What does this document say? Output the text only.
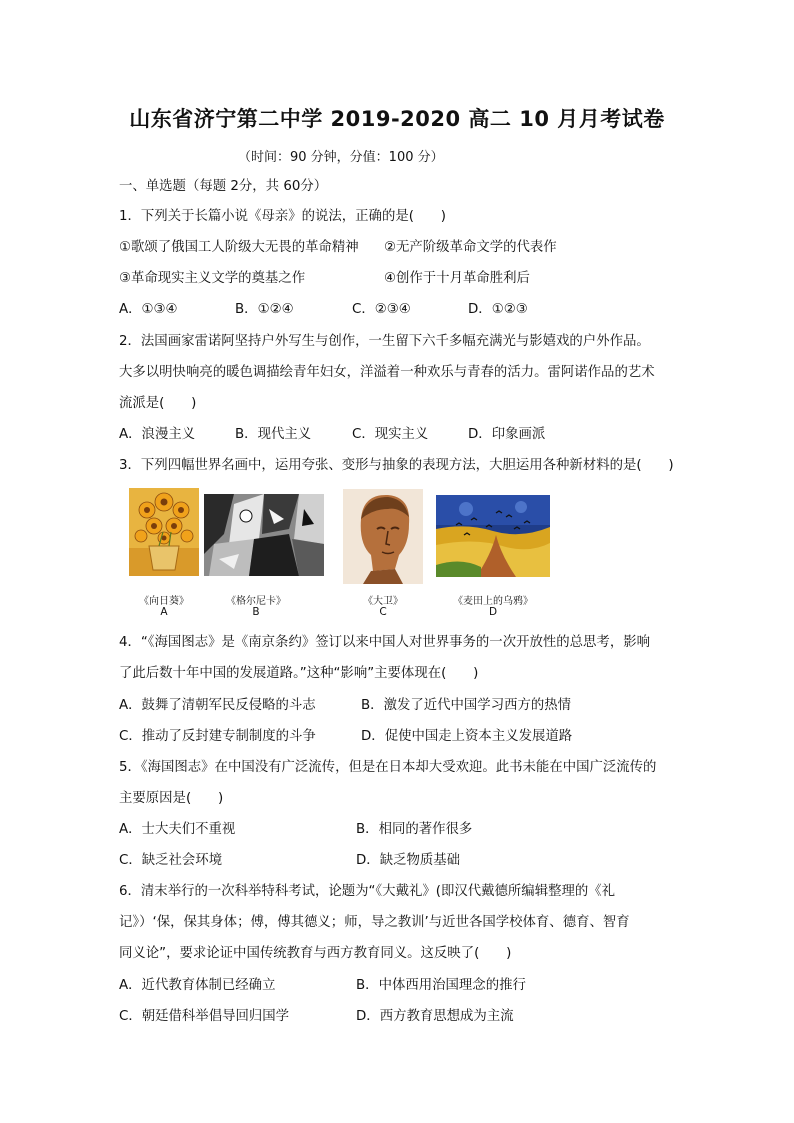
山东省济宁第二中学 2019-2020 高二 10 月月考试卷
（时间：90 分钟，分值：100 分）
一、单选题（每题 2分，共 60分）
1．下列关于长篇小说《母亲》的说法，正确的是(　　)
①歌颂了俄国工人阶级大无畏的革命精神 ②无产阶级革命文学的代表作
③革命现实主义文学的奠基之作	④创作于十月革命胜利后
A．①③④	B．①②④	C．②③④	D．①②③
2．法国画家雷诺阿坚持户外写生与创作，一生留下六千多幅充满光与影嬉戏的户外作品。
大多以明快响亮的暖色调描绘青年妇女，洋溢着一种欢乐与青春的活力。雷阿诺作品的艺术
流派是(　　)
A．浪漫主义	B．现代主义	C．现实主义	D．印象画派
3．下列四幅世界名画中，运用夸张、变形与抽象的表现方法，大胆运用各种新材料的是(　　)
《向日葵》
A
《格尔尼卡》
B
《大卫》
C
《麦田上的乌鸦》
D
4．“《海国图志》是《南京条约》签订以来中国人对世界事务的一次开放性的总思考，影响
了此后数十年中国的发展道路。”这种“影响”主要体现在(　　)
A．鼓舞了清朝军民反侵略的斗志	B．激发了近代中国学习西方的热情
C．推动了反封建专制制度的斗争	D．促使中国走上资本主义发展道路
5．《海国图志》在中国没有广泛流传，但是在日本却大受欢迎。此书未能在中国广泛流传的
主要原因是(　　)
A．士大夫们不重视	B．相同的著作很多
C．缺乏社会环境	D．缺乏物质基础
6．清末举行的一次科举特科考试，论题为“《大戴礼》(即汉代戴德所编辑整理的《礼
记》）‘保，保其身体；傅，傅其德义；师，导之教训’与近世各国学校体育、德育、智育
同义论”，要求论证中国传统教育与西方教育同义。这反映了(　　)
A．近代教育体制已经确立	B．中体西用治国理念的推行
C．朝廷借科举倡导回归国学	D．西方教育思想成为主流
